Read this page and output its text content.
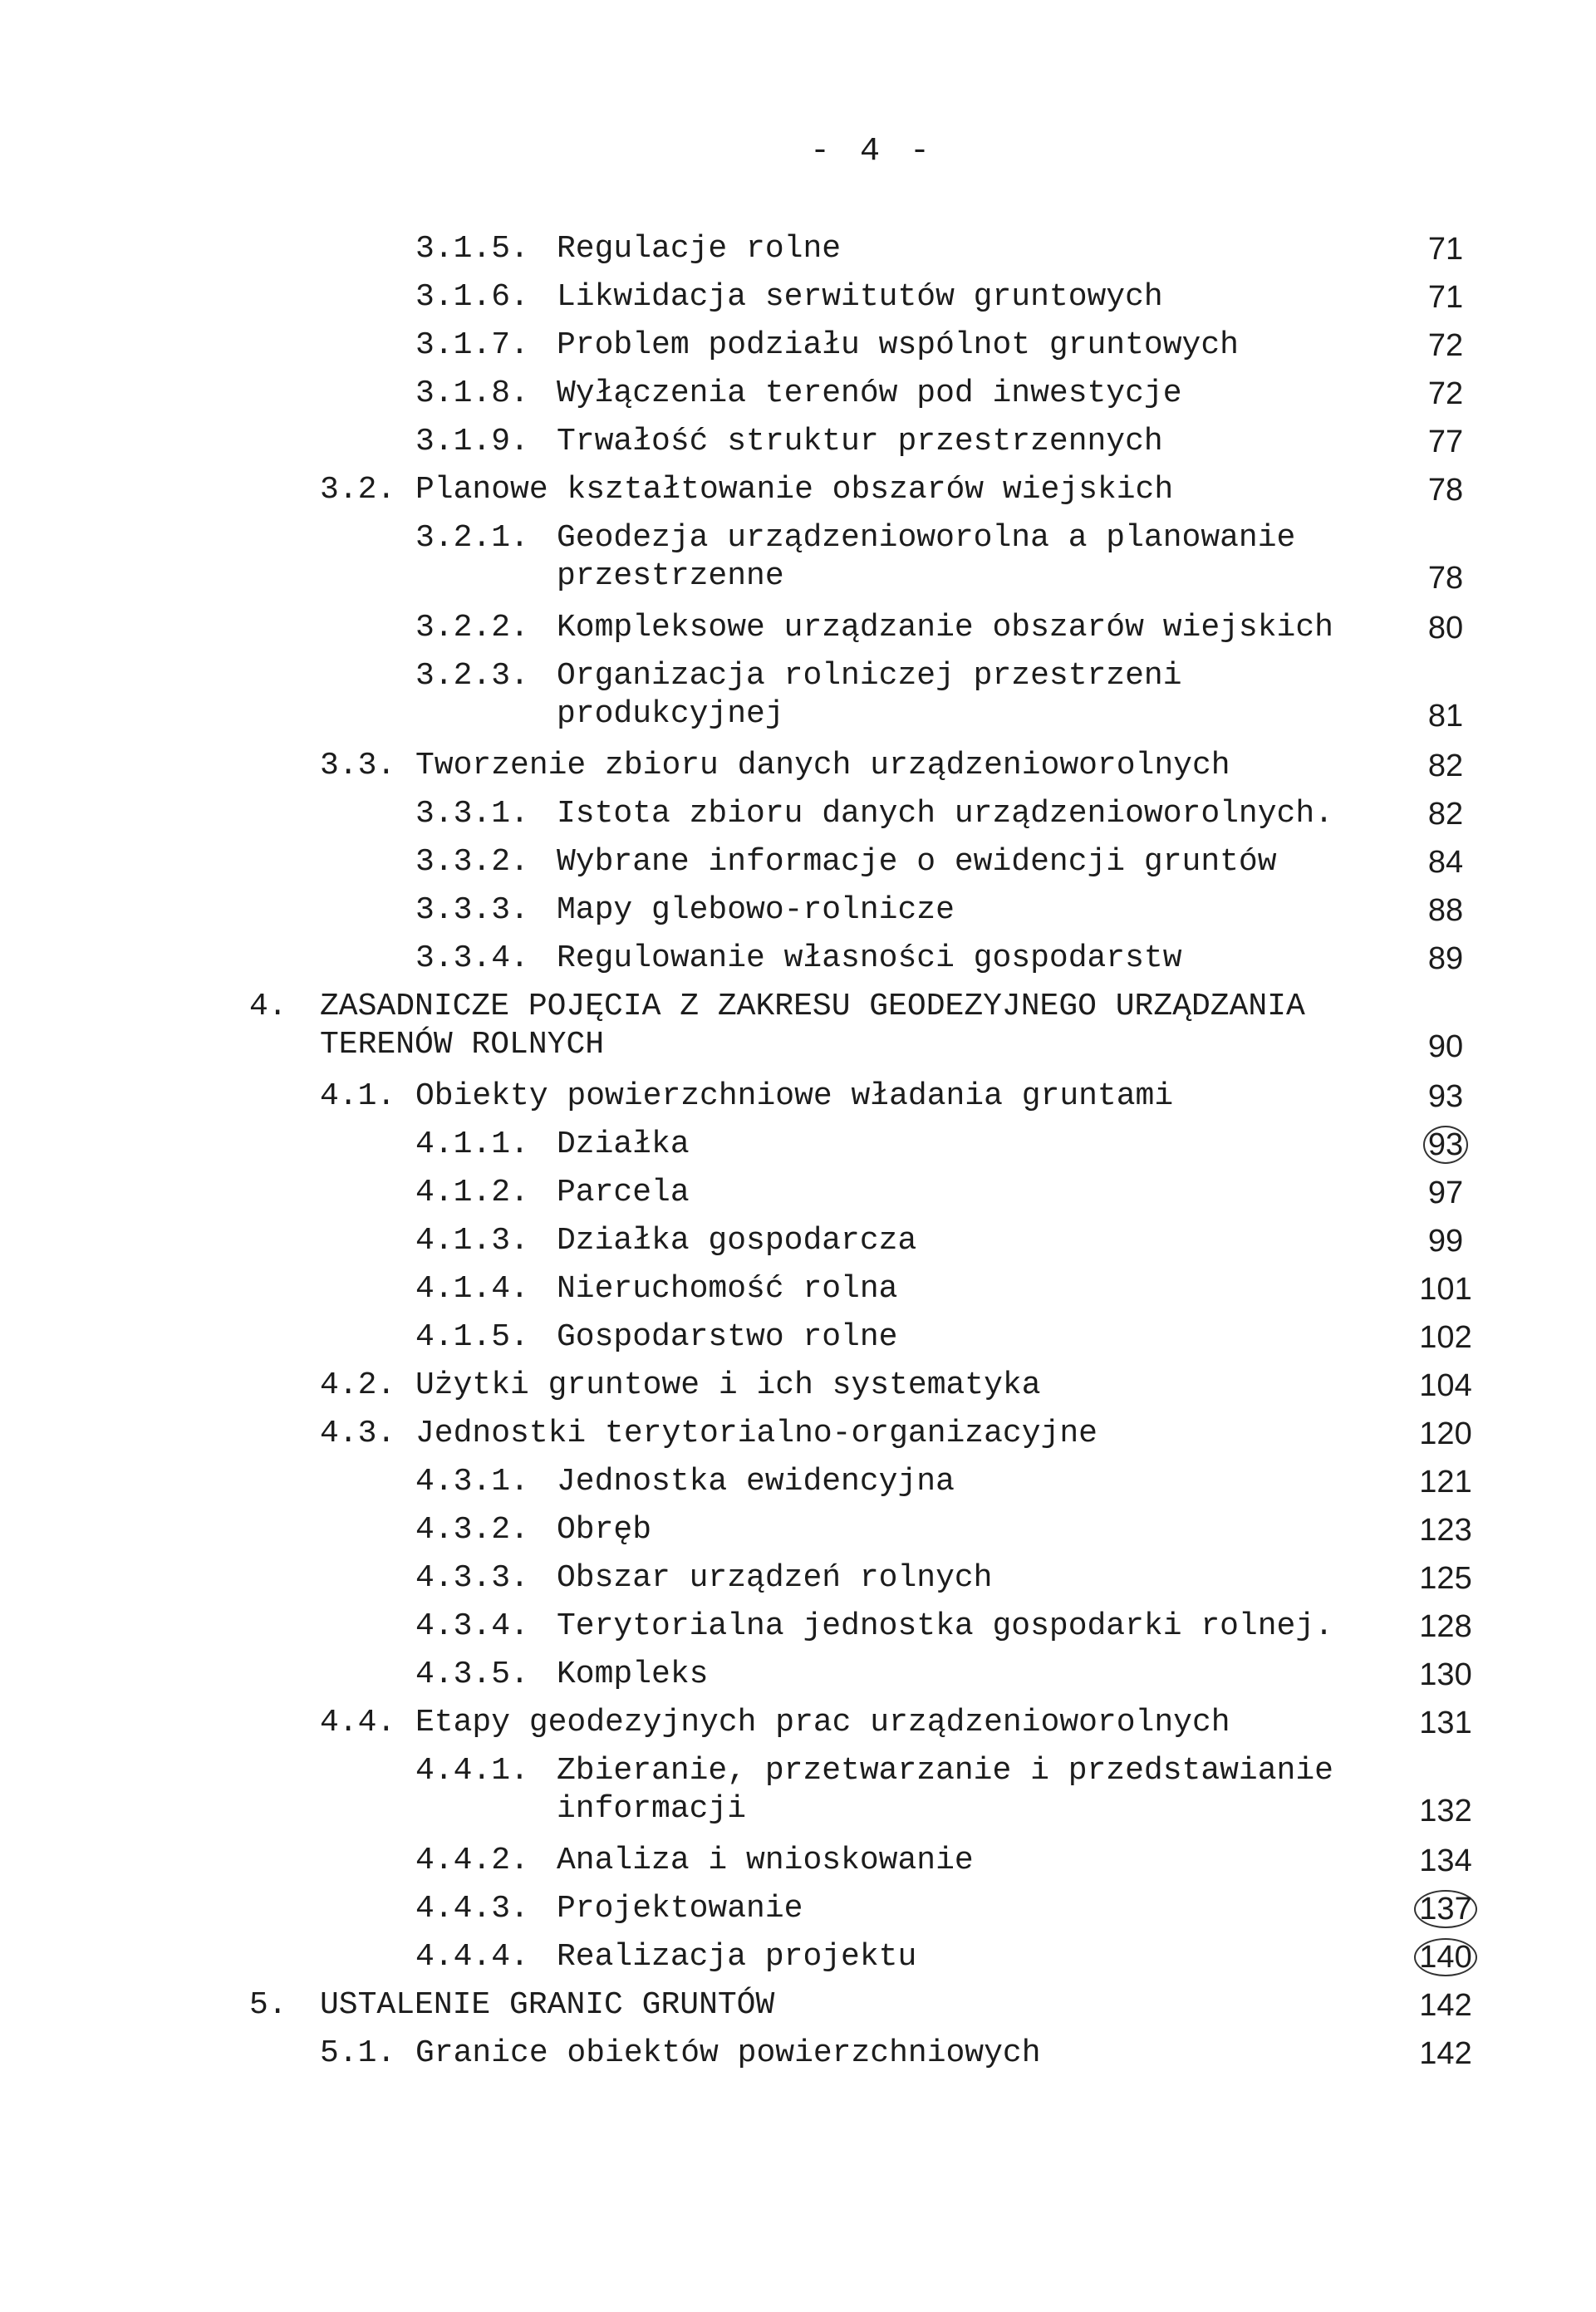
- 4 -
3.1.5. Regulacje rolne	71
3.1.6. Likwidacja serwitutów gruntowych	71
3.1.7. Problem podziału wspólnot gruntowych	72
3.1.8. Wyłączenia terenów pod inwestycje	72
3.1.9. Trwałość struktur przestrzennych	77
3.2. Planowe kształtowanie obszarów wiejskich	78
3.2.1. Geodezja urządzenioworolna a planowanie przestrzenne	78
3.2.2. Kompleksowe urządzanie obszarów wiejskich	80
3.2.3. Organizacja rolniczej przestrzeni produkcyjnej	81
3.3. Tworzenie zbioru danych urządzenioworolnych	82
3.3.1. Istota zbioru danych urządzenioworolnych.	82
3.3.2. Wybrane informacje o ewidencji gruntów	84
3.3.3. Mapy glebowo-rolnicze	88
3.3.4. Regulowanie własności gospodarstw	89
4. ZASADNICZE POJĘCIA Z ZAKRESU GEODEZYJNEGO URZĄDZANIA TERENÓW ROLNYCH	90
4.1. Obiekty powierzchniowe władania gruntami	93
4.1.1. Działka	93
4.1.2. Parcela	97
4.1.3. Działka gospodarcza	99
4.1.4. Nieruchomość rolna	101
4.1.5. Gospodarstwo rolne	102
4.2. Użytki gruntowe i ich systematyka	104
4.3. Jednostki terytorialno-organizacyjne	120
4.3.1. Jednostka ewidencyjna	121
4.3.2. Obręb	123
4.3.3. Obszar urządzeń rolnych	125
4.3.4. Terytorialna jednostka gospodarki rolnej.	128
4.3.5. Kompleks	130
4.4. Etapy geodezyjnych prac urządzenioworolnych	131
4.4.1. Zbieranie, przetwarzanie i przedstawianie informacji	132
4.4.2. Analiza i wnioskowanie	134
4.4.3. Projektowanie	137
4.4.4. Realizacja projektu	140
5. USTALENIE GRANIC GRUNTÓW	142
5.1. Granice obiektów powierzchniowych	142
